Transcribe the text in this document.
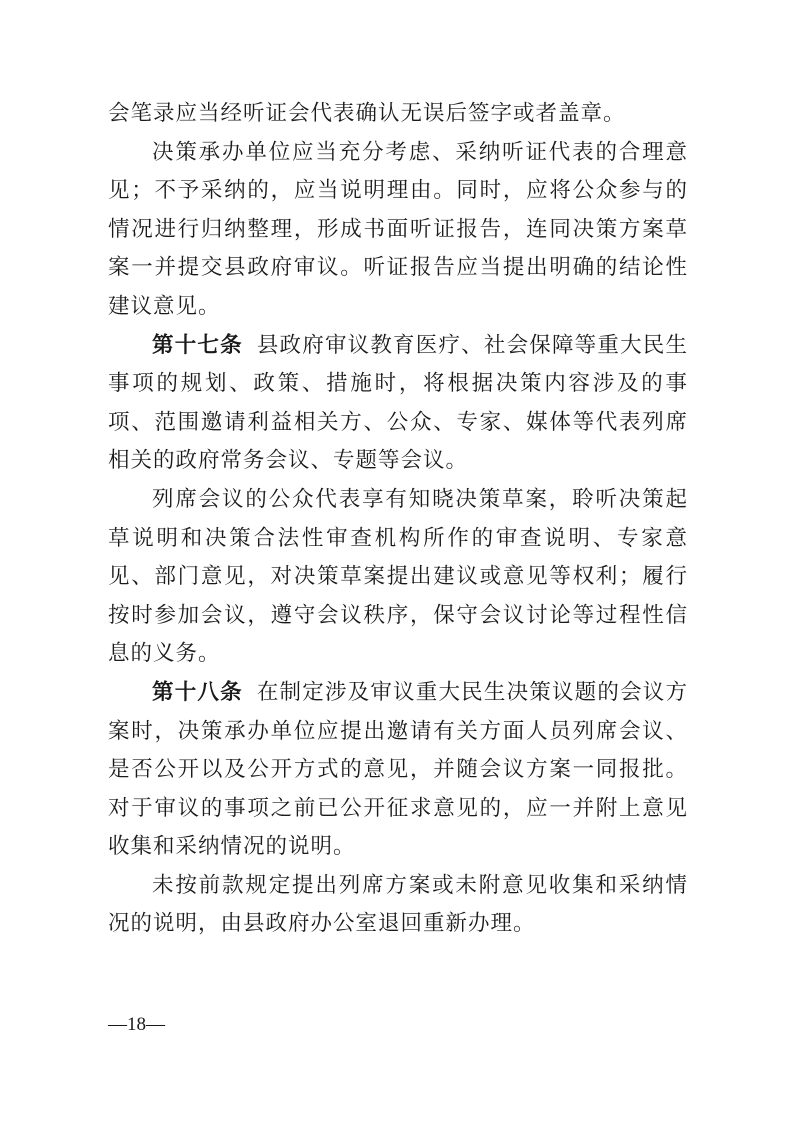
会笔录应当经听证会代表确认无误后签字或者盖章。

决策承办单位应当充分考虑、采纳听证代表的合理意见；不予采纳的，应当说明理由。同时，应将公众参与的情况进行归纳整理，形成书面听证报告，连同决策方案草案一并提交县政府审议。听证报告应当提出明确的结论性建议意见。

第十七条 县政府审议教育医疗、社会保障等重大民生事项的规划、政策、措施时，将根据决策内容涉及的事项、范围邀请利益相关方、公众、专家、媒体等代表列席相关的政府常务会议、专题等会议。

列席会议的公众代表享有知晓决策草案，聆听决策起草说明和决策合法性审查机构所作的审查说明、专家意见、部门意见，对决策草案提出建议或意见等权利；履行按时参加会议，遵守会议秩序，保守会议讨论等过程性信息的义务。

第十八条 在制定涉及审议重大民生决策议题的会议方案时，决策承办单位应提出邀请有关方面人员列席会议、是否公开以及公开方式的意见，并随会议方案一同报批。对于审议的事项之前已公开征求意见的，应一并附上意见收集和采纳情况的说明。

未按前款规定提出列席方案或未附意见收集和采纳情况的说明，由县政府办公室退回重新办理。

—18—
